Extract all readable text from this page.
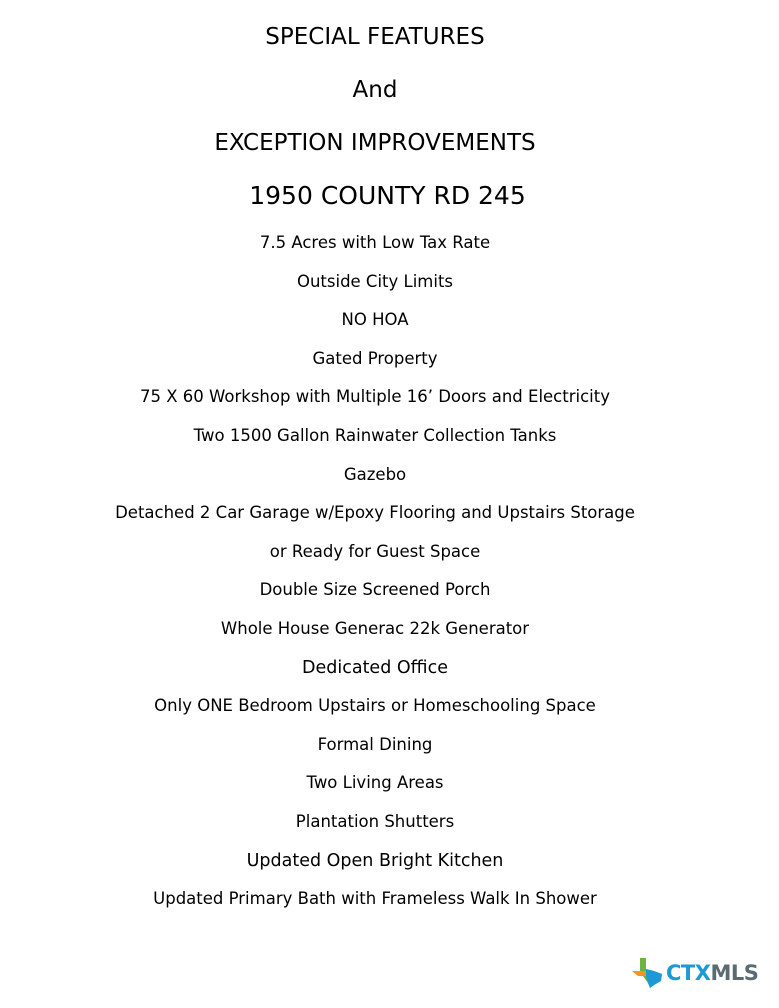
SPECIAL FEATURES
And
EXCEPTION IMPROVEMENTS
1950 COUNTY RD 245
7.5 Acres with Low Tax Rate
Outside City Limits
NO HOA
Gated Property
75 X 60 Workshop with Multiple 16’ Doors and Electricity
Two 1500 Gallon Rainwater Collection Tanks
Gazebo
Detached 2 Car Garage w/Epoxy Flooring and Upstairs Storage
or Ready for Guest Space
Double Size Screened Porch
Whole House Generac 22k Generator
Dedicated Office
Only ONE Bedroom Upstairs or Homeschooling Space
Formal Dining
Two Living Areas
Plantation Shutters
Updated Open Bright Kitchen
Updated Primary Bath with Frameless Walk In Shower
CTXMLS
